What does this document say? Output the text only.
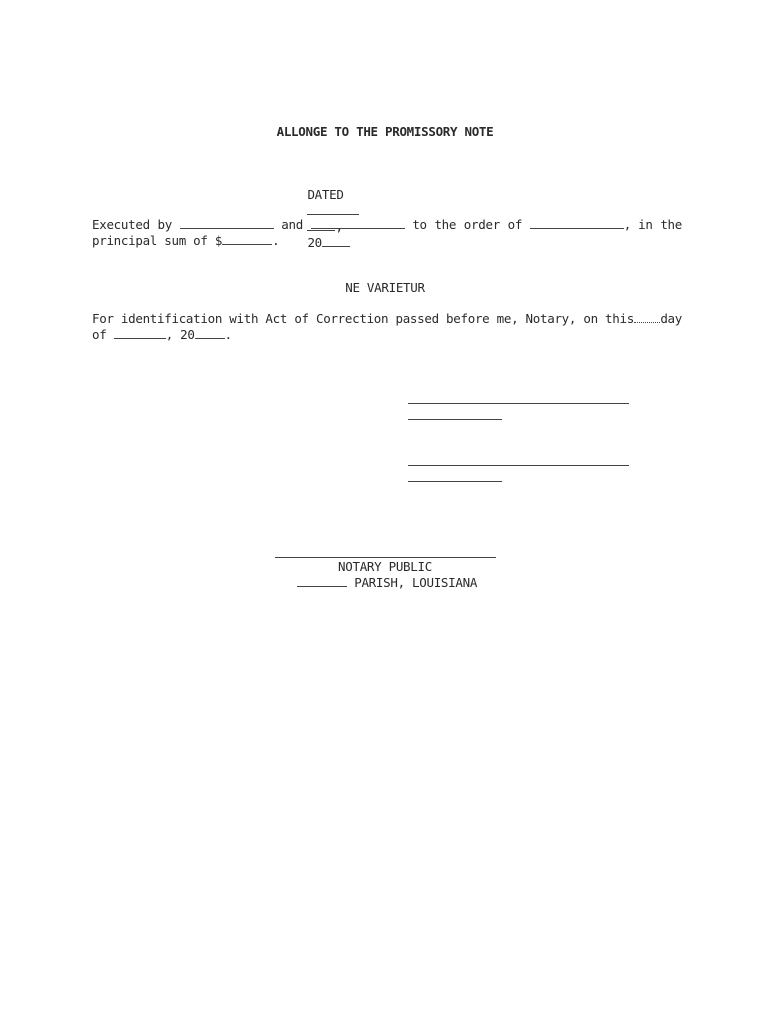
ALLONGE TO THE PROMISSORY NOTE

DATED

,
20

Executed by	and	to the order of	, in the
principal sum of $	.
NE VARIETUR
For identification with Act of Correction passed before me, Notary, on this day
of	, 20 .
NOTARY PUBLIC
PARISH, LOUISIANA
